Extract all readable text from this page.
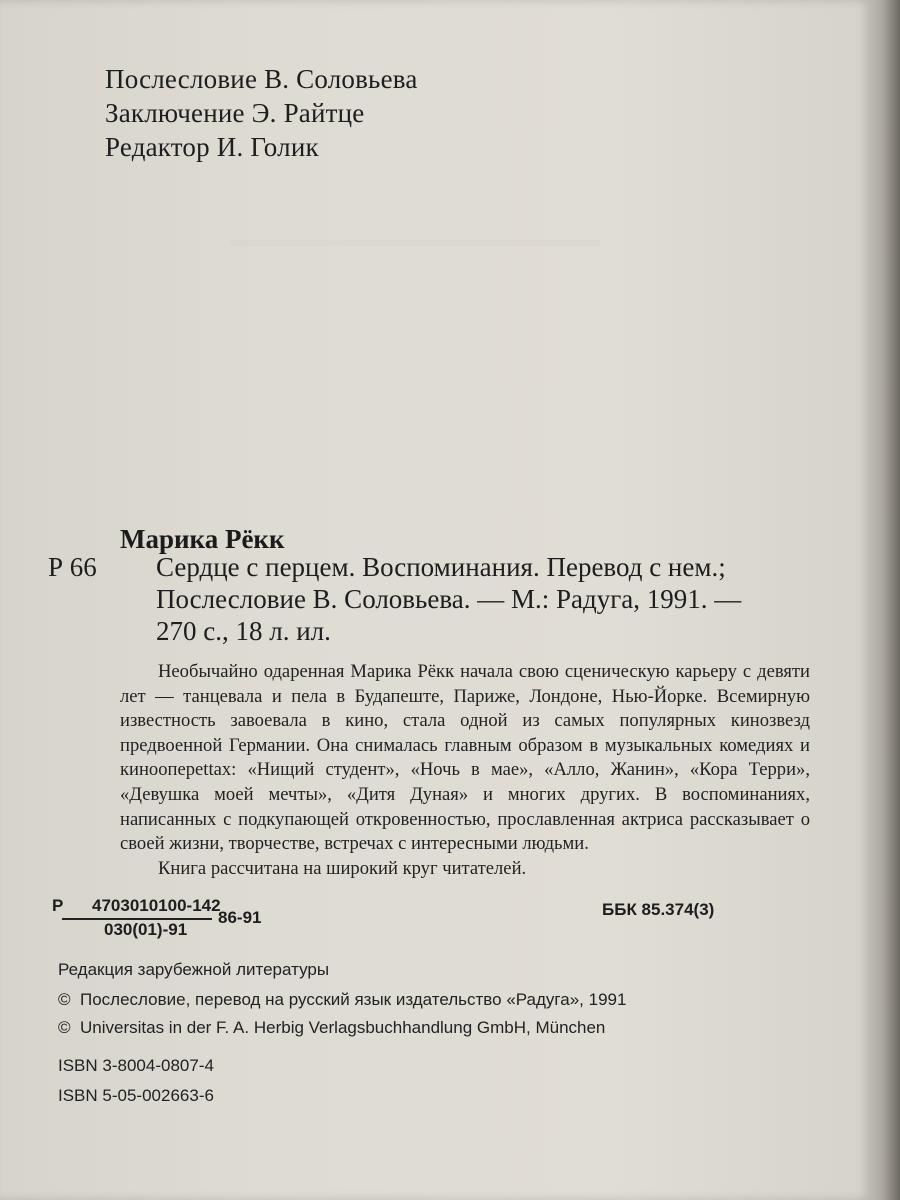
Послесловие В. Соловьева
Заключение Э. Райтце
Редактор И. Голик
Марика Рёкк
Р 66 Сердце с перцем. Воспоминания. Перевод с нем.;
Послесловие В. Соловьева. — М.: Радуга, 1991. —
270 с., 18 л. ил.

Необычайно одаренная Марика Рёкк начала свою сценическую карьеру с девяти лет — танцевала и пела в Будапеште, Париже, Лондоне, Нью-Йорке. Всемирную известность завоевала в кино, стала одной из самых популярных кинозвезд предвоенной Германии. Она снималась главным образом в музыкальных комедиях и кинооперettах: «Нищий студент», «Ночь в мае», «Алло, Жанин», «Кора Терри», «Девушка моей мечты», «Дитя Дуная» и многих других. В воспоминаниях, написанных с подкупающей откровенностью, прославленная актриса рассказывает о своей жизни, творчестве, встречах с интересными людьми.

Книга рассчитана на широкий круг читателей.

Р 4703010100-142
030(01)-91
86-91	ББК 85.374(3)
Редакция зарубежной литературы
© Послесловие, перевод на русский язык издательство «Радуга», 1991
© Universitas in der F. A. Herbig Verlagsbuchhandlung GmbH, München
ISBN 3-8004-0807-4
ISBN 5-05-002663-6
